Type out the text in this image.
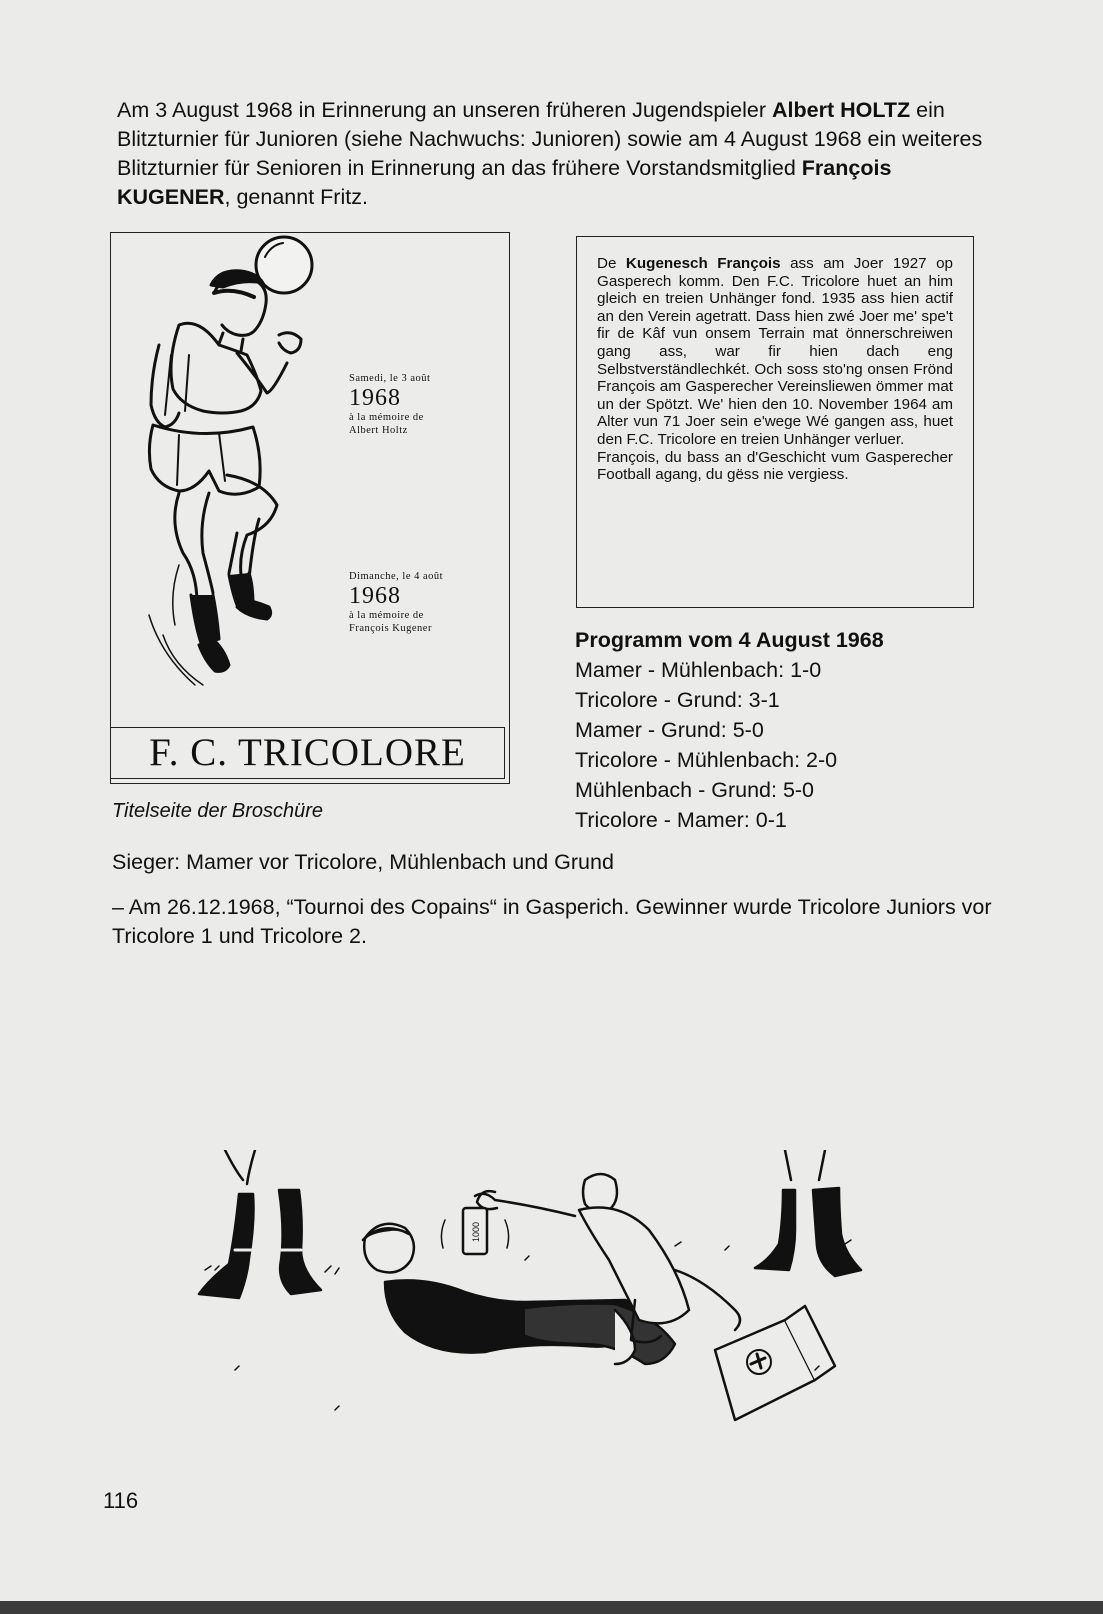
Am 3 August 1968 in Erinnerung an unseren früheren Jugendspieler Albert HOLTZ ein Blitzturnier für Junioren (siehe Nachwuchs: Junioren) sowie am 4 August 1968 ein weiteres Blitzturnier für Senioren in Erinnerung an das frühere Vorstandsmitglied François KUGENER, genannt Fritz.

Samedi, le 3 août
1968
à la mémoire de
Albert Holtz
Dimanche, le 4 août
1968
à la mémoire de
François Kugener
F. C. TRICOLORE
Titelseite der Broschüre

De Kugenesch François ass am Joer 1927 op Gasperech komm. Den F.C. Tricolore huet an him gleich en treien Unhänger fond. 1935 ass hien actif an den Verein agetratt. Dass hien zwé Joer me' spe't fir de Kâf vun onsem Terrain mat önnerschreiwen gang ass, war fir hien dach eng Selbstverständlechkét. Och soss sto'ng onsen Frönd François am Gasperecher Vereinsliewen ömmer mat un der Spötzt. We' hien den 10. November 1964 am Alter vun 71 Joer sein e'wege Wé gangen ass, huet den F.C. Tricolore en treien Unhänger verluer.

François, du bass an d'Geschicht vum Gasperecher Football agang, du gëss nie vergiess.

Programm vom 4 August 1968
Mamer - Mühlenbach: 1-0
Tricolore - Grund: 3-1
Mamer - Grund: 5-0
Tricolore - Mühlenbach: 2-0
Mühlenbach - Grund: 5-0
Tricolore - Mamer: 0-1
Sieger: Mamer vor Tricolore, Mühlenbach und Grund

– Am 26.12.1968, “Tournoi des Copains“ in Gasperich. Gewinner wurde Tricolore Juniors vor Tricolore 1 und Tricolore 2.

1000
116
